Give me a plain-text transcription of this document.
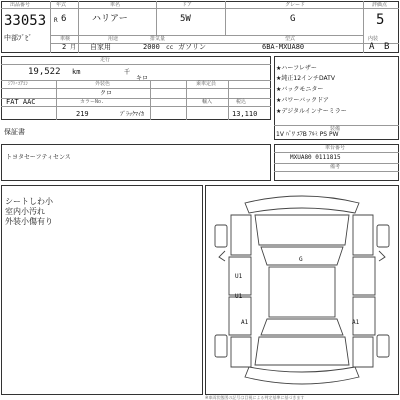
出品番号	年式	車名	ドア	グレード	評価点
33053
中部ﾌﾞﾋﾞ
R 6	ハリアー	5W	G	5
車検	用途	排気量	型式	内装
2 月 自家用	2000 cc ガソリン	6BA-MXUA80	A B
走行
19,522 km	千
キロ
ｼﾌﾄ･ｴｱｺﾝ	外装色	乗車定員
FAT AAC
クロ
カラーNo.	輸入	税込
219	ﾌﾞﾗｯｸﾏｲｶ	13,110
保証書
★ハーフレザー
★純正12インチDATV
★バックモニター
★パワーバックドア
★デジタルインナーミラー
装備
1V ﾊﾟﾜ ｴｱB ｱﾙﾐ PS PW
トヨタセーフティセンス
車台番号
MXUA80 0111815
備考
シートしわ小
室内小汚れ
外装小傷有り
G
U1
U1
A1	A1
※車両状態図の記号は目視による判定基準に基づきます
